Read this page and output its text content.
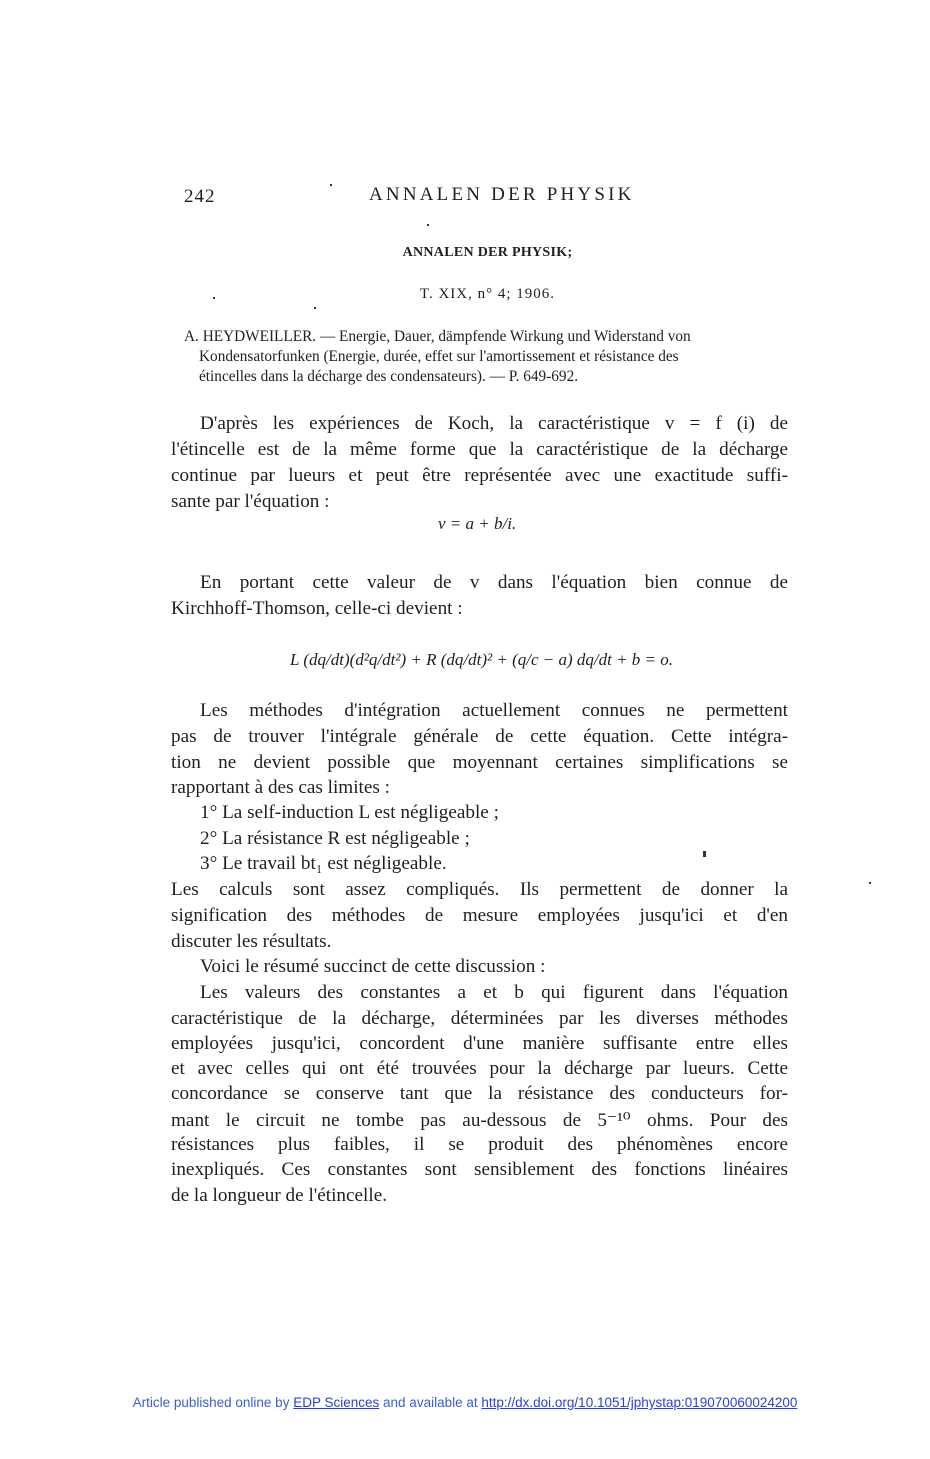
242	ANNALEN DER PHYSIK
ANNALEN DER PHYSIK;
T. XIX, n° 4; 1906.
A. HEYDWEILLER. — Energie, Dauer, dämpfende Wirkung und Widerstand von
Kondensatorfunken (Energie, durée, effet sur l'amortissement et résistance des
étincelles dans la décharge des condensateurs). — P. 649-692.
D'après les expériences de Koch, la caractéristique v = f (i) de
l'étincelle est de la même forme que la caractéristique de la décharge
continue par lueurs et peut être représentée avec une exactitude suffi-
sante par l'équation :
v = a + b/i.
En portant cette valeur de v dans l'équation bien connue de
Kirchhoff-Thomson, celle-ci devient :
L (dq/dt)(d²q/dt²) + R (dq/dt)² + (q/c − a) dq/dt + b = o.
Les méthodes d'intégration actuellement connues ne permettent
pas de trouver l'intégrale générale de cette équation. Cette intégra-
tion ne devient possible que moyennant certaines simplifications se
rapportant à des cas limites :
1° La self-induction L est négligeable ;
2° La résistance R est négligeable ;
3° Le travail bt₁ est négligeable.
Les calculs sont assez compliqués. Ils permettent de donner la
signification des méthodes de mesure employées jusqu'ici et d'en
discuter les résultats.
Voici le résumé succinct de cette discussion :
Les valeurs des constantes a et b qui figurent dans l'équation
caractéristique de la décharge, déterminées par les diverses méthodes
employées jusqu'ici, concordent d'une manière suffisante entre elles
et avec celles qui ont été trouvées pour la décharge par lueurs. Cette
concordance se conserve tant que la résistance des conducteurs for-
mant le circuit ne tombe pas au-dessous de 5⁻¹⁰ ohms. Pour des
résistances plus faibles, il se produit des phénomènes encore
inexpliqués. Ces constantes sont sensiblement des fonctions linéaires
de la longueur de l'étincelle.
Article published online by EDP Sciences and available at http://dx.doi.org/10.1051/jphystap:019070060024200
